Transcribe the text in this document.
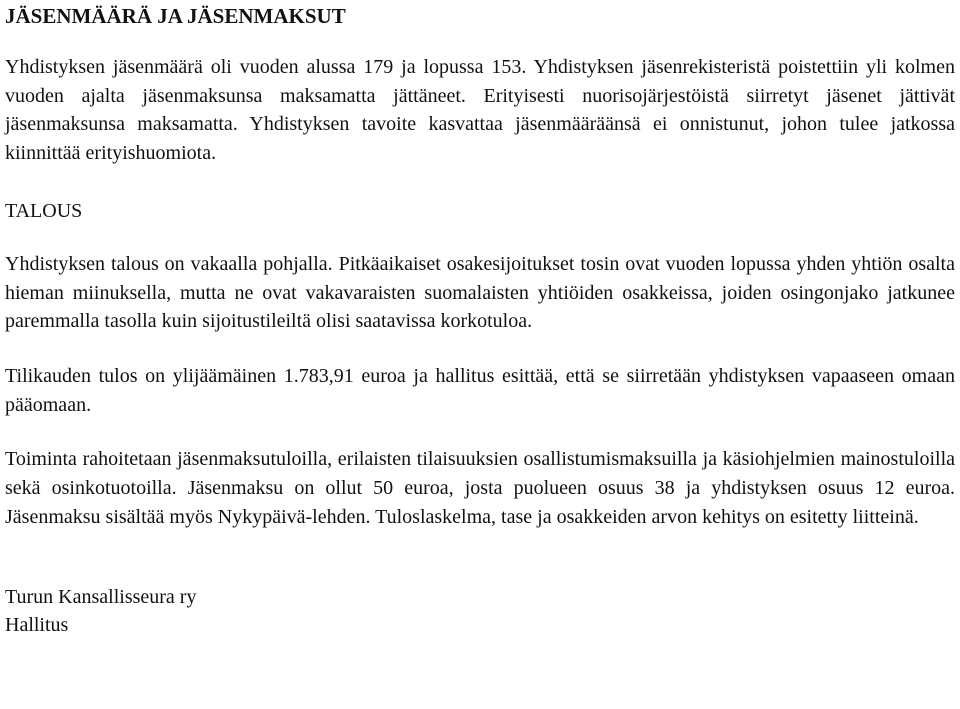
JÄSENMÄÄRÄ JA JÄSENMAKSUT

Yhdistyksen jäsenmäärä oli vuoden alussa 179 ja lopussa 153. Yhdistyksen jäsenrekisteristä poistettiin yli kolmen vuoden ajalta jäsenmaksunsa maksamatta jättäneet. Erityisesti nuorisojärjestöistä siirretyt jäsenet jättivät jäsenmaksunsa maksamatta. Yhdistyksen tavoite kasvattaa jäsenmääräänsä ei onnistunut, johon tulee jatkossa kiinnittää erityishuomiota.

TALOUS

Yhdistyksen talous on vakaalla pohjalla. Pitkäaikaiset osakesijoitukset tosin ovat vuoden lopussa yhden yhtiön osalta hieman miinuksella, mutta ne ovat vakavaraisten suomalaisten yhtiöiden osakkeissa, joiden osingonjako jatkunee paremmalla tasolla kuin sijoitustileiltä olisi saatavissa korkotuloa.

Tilikauden tulos on ylijäämäinen 1.783,91 euroa ja hallitus esittää, että se siirretään yhdistyksen vapaaseen omaan pääomaan.

Toiminta rahoitetaan jäsenmaksutuloilla, erilaisten tilaisuuksien osallistumismaksuilla ja käsiohjelmien mainostuloilla sekä osinkotuotoilla. Jäsenmaksu on ollut 50 euroa, josta puolueen osuus 38 ja yhdistyksen osuus 12 euroa. Jäsenmaksu sisältää myös Nykypäivä-lehden. Tuloslaskelma, tase ja osakkeiden arvon kehitys on esitetty liitteinä.

Turun Kansallisseura ry
Hallitus
